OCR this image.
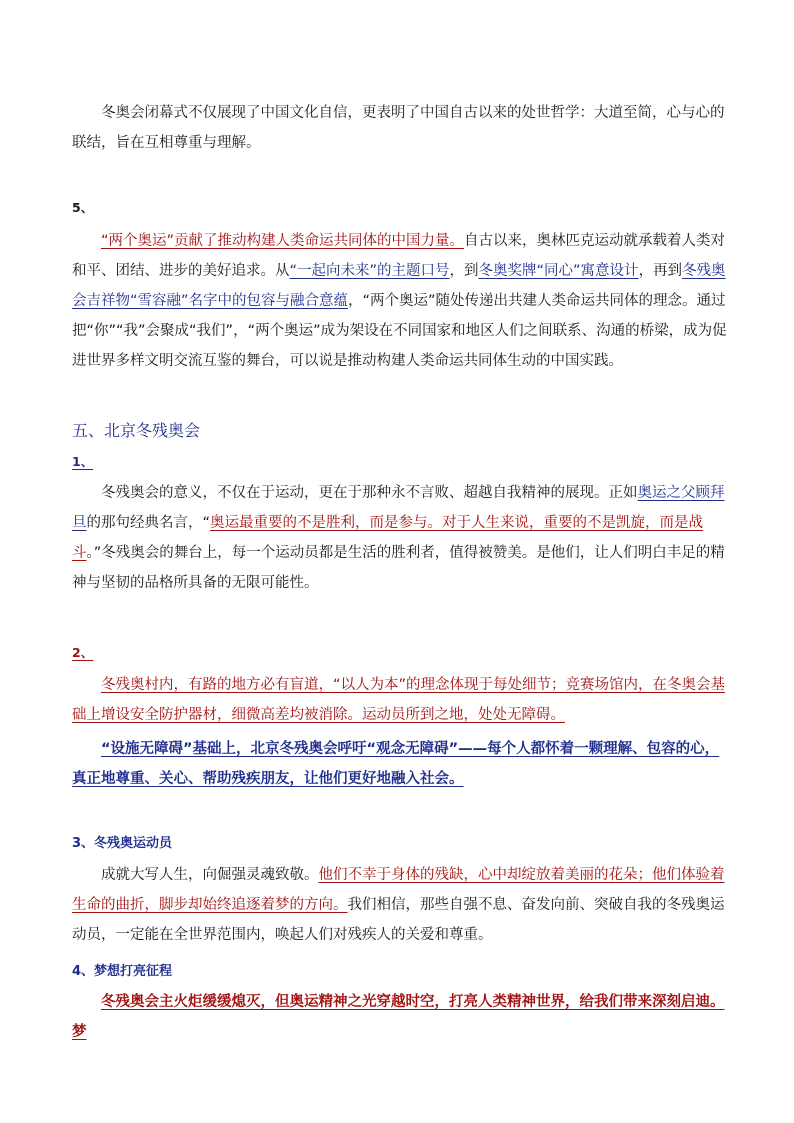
冬奥会闭幕式不仅展现了中国文化自信，更表明了中国自古以来的处世哲学：大道至简，心与心的联结，旨在互相尊重与理解。

5、

“两个奥运”贡献了推动构建人类命运共同体的中国力量。自古以来，奥林匹克运动就承载着人类对和平、团结、进步的美好追求。从“一起向未来”的主题口号，到冬奥奖牌“同心”寓意设计，再到冬残奥会吉祥物“雪容融”名字中的包容与融合意蕴，“两个奥运”随处传递出共建人类命运共同体的理念。通过把“你”“我”会聚成“我们”，“两个奥运”成为架设在不同国家和地区人们之间联系、沟通的桥梁，成为促进世界多样文明交流互鉴的舞台，可以说是推动构建人类命运共同体生动的中国实践。

五、北京冬残奥会
1、

冬残奥会的意义，不仅在于运动，更在于那种永不言败、超越自我精神的展现。正如奥运之父顾拜旦的那句经典名言，“奥运最重要的不是胜利，而是参与。对于人生来说，重要的不是凯旋，而是战斗。”冬残奥会的舞台上，每一个运动员都是生活的胜利者，值得被赞美。是他们，让人们明白丰足的精神与坚韧的品格所具备的无限可能性。

2、

冬残奥村内，有路的地方必有盲道，“以人为本”的理念体现于每处细节；竞赛场馆内，在冬奥会基础上增设安全防护器材，细微高差均被消除。运动员所到之地，处处无障碍。

“设施无障碍”基础上，北京冬残奥会呼吁“观念无障碍”——每个人都怀着一颗理解、包容的心，真正地尊重、关心、帮助残疾朋友，让他们更好地融入社会。

3、冬残奥运动员

成就大写人生，向倔强灵魂致敬。他们不幸于身体的残缺，心中却绽放着美丽的花朵；他们体验着生命的曲折，脚步却始终追逐着梦的方向。我们相信，那些自强不息、奋发向前、突破自我的冬残奥运动员，一定能在全世界范围内，唤起人们对残疾人的关爱和尊重。

4、梦想打亮征程

冬残奥会主火炬缓缓熄灭，但奥运精神之光穿越时空，打亮人类精神世界，给我们带来深刻启迪。梦
